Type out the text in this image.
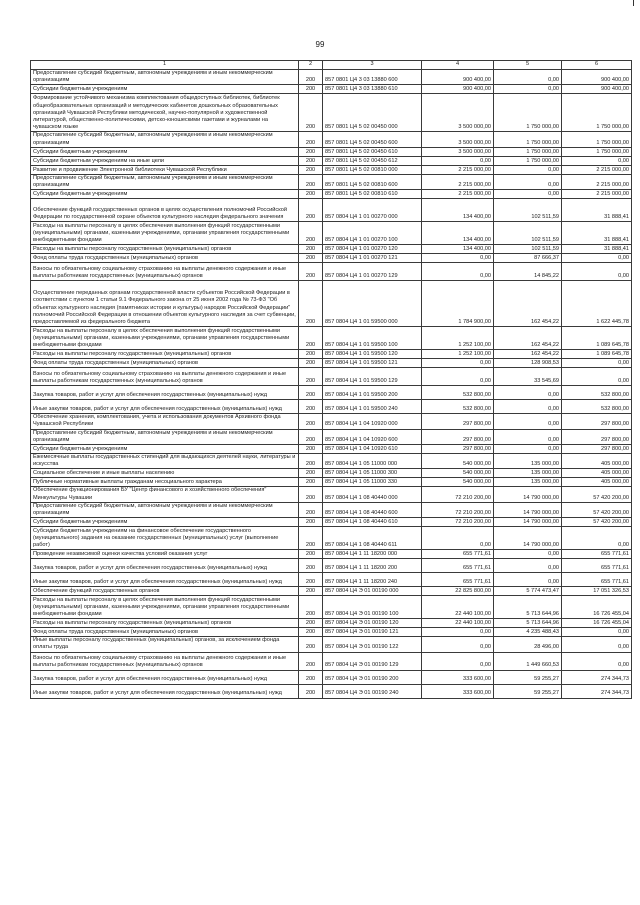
99
1	2	3	4	5	6
Предоставление субсидий бюджетным, автономным учреждениям и иным некоммерческим организациям	200	857 0801 Ц4 3 03 13880 600	900 400,00	0,00	900 400,00
Субсидии бюджетным учреждениям	200	857 0801 Ц4 3 03 13880 610	900 400,00	0,00	900 400,00
Формирование устойчивого механизма комплектования общедоступных библиотек, библиотек общеобразовательных организаций и методических кабинетов дошкольных образовательных организаций Чувашской Республики методической, научно-популярной и художественной литературой, общественно-политическими, детско-юношескими газетами и журналами на чувашском языке	200	857 0801 Ц4 5 02 00450 000	3 500 000,00	1 750 000,00	1 750 000,00
Предоставление субсидий бюджетным, автономным учреждениям и иным некоммерческим организациям	200	857 0801 Ц4 5 02 00450 600	3 500 000,00	1 750 000,00	1 750 000,00
Субсидии бюджетным учреждениям	200	857 0801 Ц4 5 02 00450 610	3 500 000,00	1 750 000,00	1 750 000,00
Субсидии бюджетным учреждениям на иные цели	200	857 0801 Ц4 5 02 00450 612	0,00	1 750 000,00	0,00
Развитие и продвижение Электронной библиотеки Чувашской Республики	200	857 0801 Ц4 5 02 00810 000	2 215 000,00	0,00	2 215 000,00
Предоставление субсидий бюджетным, автономным учреждениям и иным некоммерческим организациям	200	857 0801 Ц4 5 02 00810 600	2 215 000,00	0,00	2 215 000,00
Субсидии бюджетным учреждениям	200	857 0801 Ц4 5 02 00810 610	2 215 000,00	0,00	2 215 000,00
Обеспечение функций государственных органов в целях осуществления полномочий Российской Федерации по государственной охране объектов культурного наследия федерального значения	200	857 0804 Ц4 1 01 00270 000	134 400,00	102 511,59	31 888,41
Расходы на выплаты персоналу в целях обеспечения выполнения функций государственными (муниципальными) органами, казенными учреждениями, органами управления государственными внебюджетными фондами	200	857 0804 Ц4 1 01 00270 100	134 400,00	102 511,59	31 888,41
Расходы на выплаты персоналу государственных (муниципальных) органов	200	857 0804 Ц4 1 01 00270 120	134 400,00	102 511,59	31 888,41
Фонд оплаты труда государственных (муниципальных) органов	200	857 0804 Ц4 1 01 00270 121	0,00	87 666,37	0,00
Взносы по обязательному социальному страхованию на выплаты денежного содержания и иные выплаты работникам государственных (муниципальных) органов	200	857 0804 Ц4 1 01 00270 129	0,00	14 845,22	0,00
Осуществление переданных органам государственной власти субъектов Российской Федерации в соответствии с пунктом 1 статьи 9.1 Федерального закона от 25 июня 2002 года № 73-ФЗ "Об объектах культурного наследия (памятниках истории и культуры) народов Российской Федерации" полномочий Российской Федерации в отношении объектов культурного наследия за счет субвенции, предоставляемой из федерального бюджета	200	857 0804 Ц4 1 01 59500 000	1 784 900,00	162 454,22	1 622 445,78
Расходы на выплаты персоналу в целях обеспечения выполнения функций государственными (муниципальными) органами, казенными учреждениями, органами управления государственными внебюджетными фондами	200	857 0804 Ц4 1 01 59500 100	1 252 100,00	162 454,22	1 089 645,78
Расходы на выплаты персоналу государственных (муниципальных) органов	200	857 0804 Ц4 1 01 59500 120	1 252 100,00	162 454,22	1 089 645,78
Фонд оплаты труда государственных (муниципальных) органов	200	857 0804 Ц4 1 01 59500 121	0,00	128 908,53	0,00
Взносы по обязательному социальному страхованию на выплаты денежного содержания и иные выплаты работникам государственных (муниципальных) органов	200	857 0804 Ц4 1 01 59500 129	0,00	33 545,69	0,00
Закупка товаров, работ и услуг для обеспечения государственных (муниципальных) нужд	200	857 0804 Ц4 1 01 59500 200	532 800,00	0,00	532 800,00
Иные закупки товаров, работ и услуг для обеспечения государственных (муниципальных) нужд	200	857 0804 Ц4 1 01 59500 240	532 800,00	0,00	532 800,00
Обеспечение хранения, комплектования, учета и использования документов Архивного фонда Чувашской Республики	200	857 0804 Ц4 1 04 10920 000	297 800,00	0,00	297 800,00
Предоставление субсидий бюджетным, автономным учреждениям и иным некоммерческим организациям	200	857 0804 Ц4 1 04 10920 600	297 800,00	0,00	297 800,00
Субсидии бюджетным учреждениям	200	857 0804 Ц4 1 04 10920 610	297 800,00	0,00	297 800,00
Ежемесячные выплаты государственных стипендий для выдающихся деятелей науки, литературы и искусства	200	857 0804 Ц4 1 05 11000 000	540 000,00	135 000,00	405 000,00
Социальное обеспечение и иные выплаты населению	200	857 0804 Ц4 1 05 11000 300	540 000,00	135 000,00	405 000,00
Публичные нормативные выплаты гражданам несоциального характера	200	857 0804 Ц4 1 05 11000 330	540 000,00	135 000,00	405 000,00
Обеспечение функционирования БУ "Центр финансового и хозяйственного обеспечения" Минкультуры Чувашии	200	857 0804 Ц4 1 08 40440 000	72 210 200,00	14 790 000,00	57 420 200,00
Предоставление субсидий бюджетным, автономным учреждениям и иным некоммерческим организациям	200	857 0804 Ц4 1 08 40440 600	72 210 200,00	14 790 000,00	57 420 200,00
Субсидии бюджетным учреждениям	200	857 0804 Ц4 1 08 40440 610	72 210 200,00	14 790 000,00	57 420 200,00
Субсидии бюджетным учреждениям на финансовое обеспечение государственного (муниципального) задания на оказание государственных (муниципальных) услуг (выполнение работ)	200	857 0804 Ц4 1 08 40440 611	0,00	14 790 000,00	0,00
Проведение независимой оценки качества условий оказания услуг	200	857 0804 Ц4 1 11 18200 000	655 771,61	0,00	655 771,61
Закупка товаров, работ и услуг для обеспечения государственных (муниципальных) нужд	200	857 0804 Ц4 1 11 18200 200	655 771,61	0,00	655 771,61
Иные закупки товаров, работ и услуг для обеспечения государственных (муниципальных) нужд	200	857 0804 Ц4 1 11 18200 240	655 771,61	0,00	655 771,61
Обеспечение функций государственных органов	200	857 0804 Ц4 Э 01 00190 000	22 825 800,00	5 774 473,47	17 051 326,53
Расходы на выплаты персоналу в целях обеспечения выполнения функций государственными (муниципальными) органами, казенными учреждениями, органами управления государственными внебюджетными фондами	200	857 0804 Ц4 Э 01 00190 100	22 440 100,00	5 713 644,96	16 726 455,04
Расходы на выплаты персоналу государственных (муниципальных) органов	200	857 0804 Ц4 Э 01 00190 120	22 440 100,00	5 713 644,96	16 726 455,04
Фонд оплаты труда государственных (муниципальных) органов	200	857 0804 Ц4 Э 01 00190 121	0,00	4 235 488,43	0,00
Иные выплаты персоналу государственных (муниципальных) органов, за исключением фонда оплаты труда	200	857 0804 Ц4 Э 01 00190 122	0,00	28 496,00	0,00
Взносы по обязательному социальному страхованию на выплаты денежного содержания и иные выплаты работникам государственных (муниципальных) органов	200	857 0804 Ц4 Э 01 00190 129	0,00	1 449 660,53	0,00
Закупка товаров, работ и услуг для обеспечения государственных (муниципальных) нужд	200	857 0804 Ц4 Э 01 00190 200	333 600,00	59 255,27	274 344,73
Иные закупки товаров, работ и услуг для обеспечения государственных (муниципальных) нужд	200	857 0804 Ц4 Э 01 00190 240	333 600,00	59 255,27	274 344,73
